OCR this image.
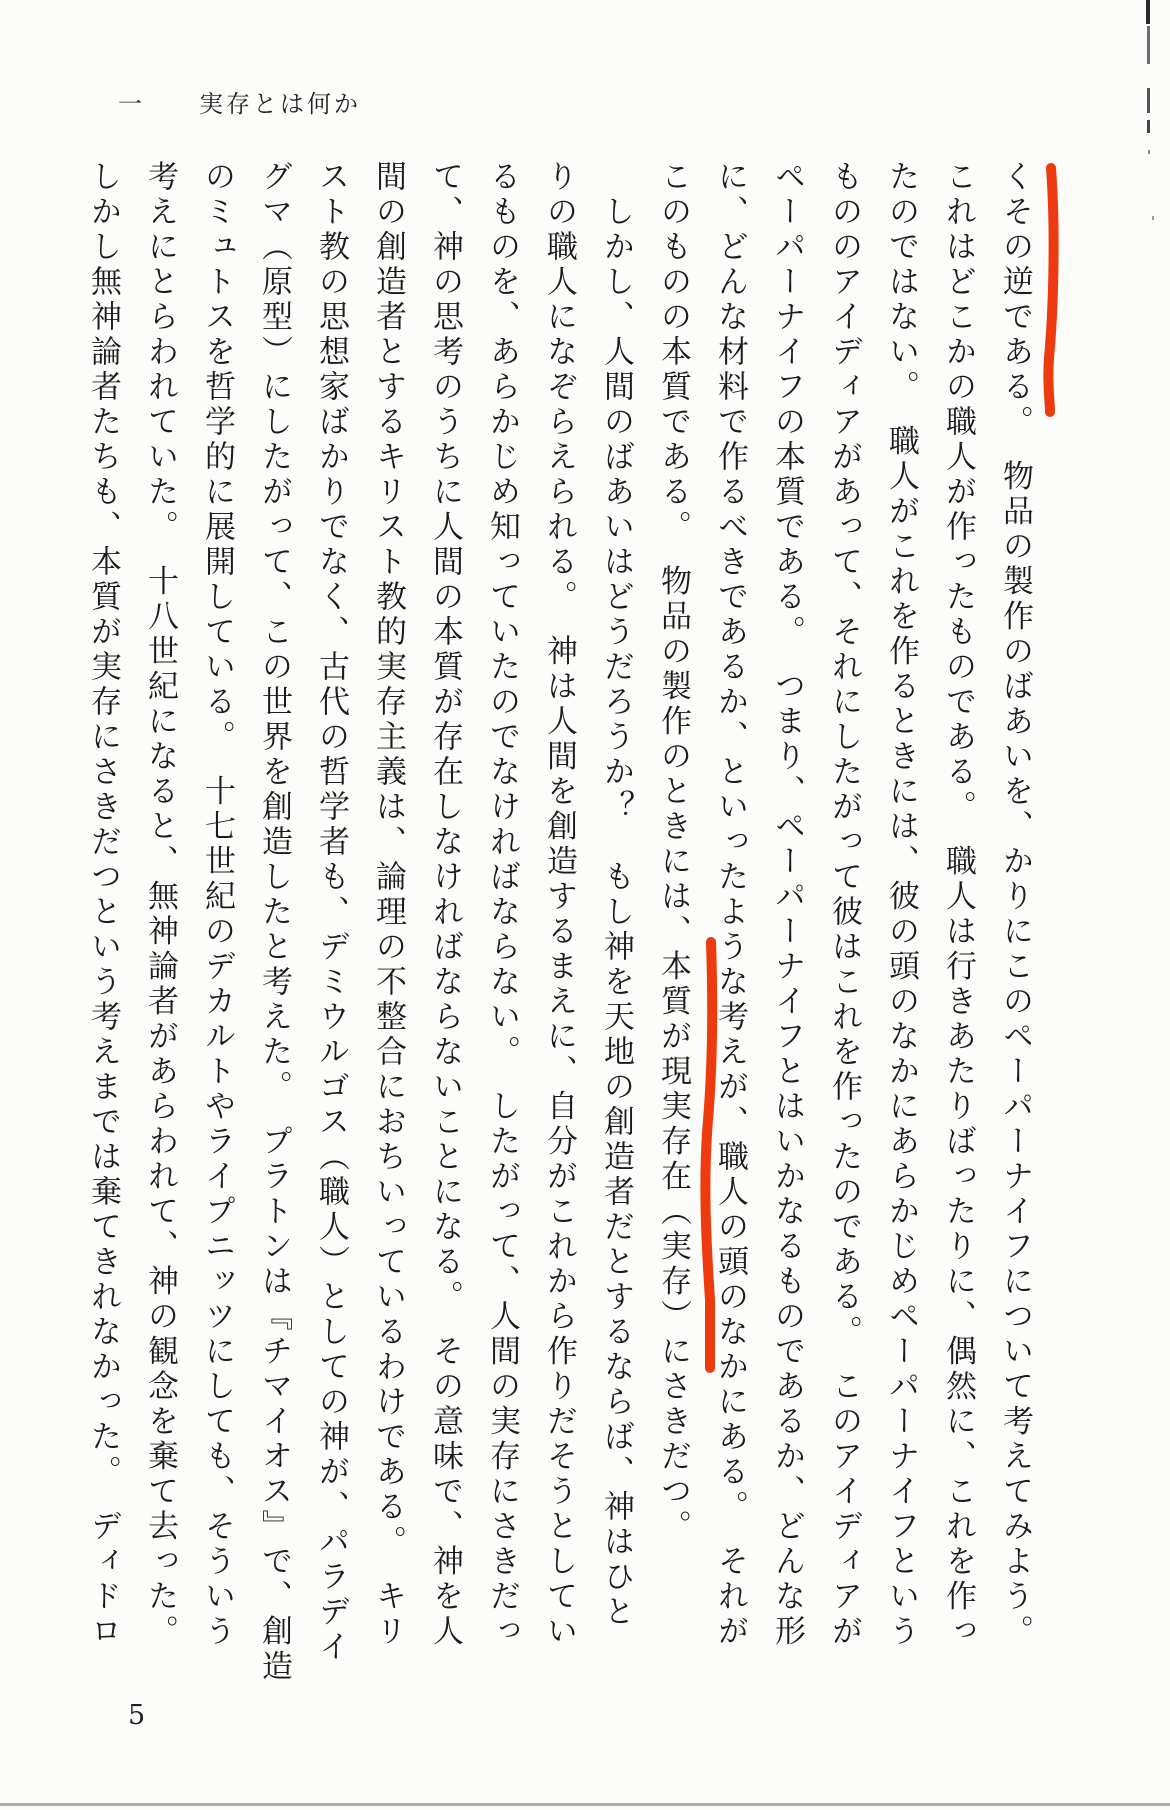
一　　実存とは何か
くその逆である。　物品の製作のばあいを、かりにこのペーパーナイフについて考えてみよう。
これはどこかの職人が作ったものである。　職人は行きあたりばったりに、偶然に、これを作っ
たのではない。　職人がこれを作るときには、彼の頭のなかにあらかじめペーパーナイフという
もののアイディアがあって、それにしたがって彼はこれを作ったのである。　このアイディアが
ペーパーナイフの本質である。　つまり、ペーパーナイフとはいかなるものであるか、どんな形
に、どんな材料で作るべきであるか、といったような考えが、職人の頭のなかにある。　それが
このものの本質である。　物品の製作のときには、本質が現実存在（実存）にさきだつ。
　しかし、人間のばあいはどうだろうか？　もし神を天地の創造者だとするならば、神はひと
りの職人になぞらえられる。　神は人間を創造するまえに、自分がこれから作りだそうとしてい
るものを、あらかじめ知っていたのでなければならない。　したがって、人間の実存にさきだっ
て、神の思考のうちに人間の本質が存在しなければならないことになる。　その意味で、神を人
間の創造者とするキリスト教的実存主義は、論理の不整合におちいっているわけである。　キリ
スト教の思想家ばかりでなく、古代の哲学者も、デミウルゴス（職人）としての神が、パラデイ
グマ（原型）にしたがって、この世界を創造したと考えた。　プラトンは『チマイオス』で、創造
のミュトスを哲学的に展開している。　十七世紀のデカルトやライプニッツにしても、そういう
考えにとらわれていた。　十八世紀になると、無神論者があらわれて、神の観念を棄て去った。
しかし無神論者たちも、本質が実存にさきだつという考えまでは棄てきれなかった。　ディドロ
5
